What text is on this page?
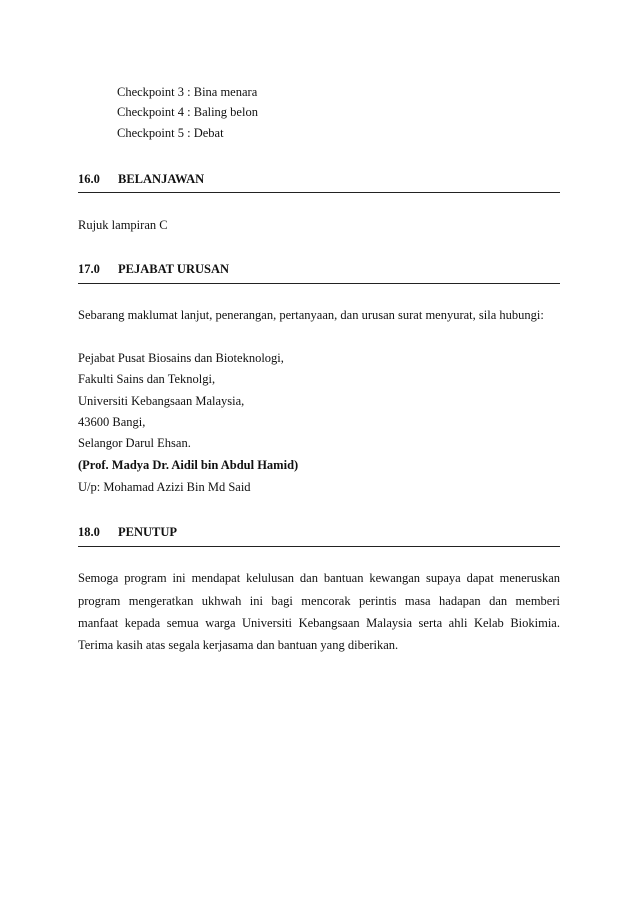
Checkpoint 3 : Bina menara
Checkpoint 4 : Baling belon
Checkpoint 5 : Debat
16.0 BELANJAWAN
Rujuk lampiran C
17.0 PEJABAT URUSAN
Sebarang maklumat lanjut, penerangan, pertanyaan, dan urusan surat menyurat, sila hubungi:
Pejabat Pusat Biosains dan Bioteknologi,
Fakulti Sains dan Teknolgi,
Universiti Kebangsaan Malaysia,
43600 Bangi,
Selangor Darul Ehsan.
(Prof. Madya Dr. Aidil bin Abdul Hamid)
U/p: Mohamad Azizi Bin Md Said
18.0 PENUTUP
Semoga program ini mendapat kelulusan dan bantuan kewangan supaya dapat meneruskan
program mengeratkan ukhwah ini bagi mencorak perintis masa hadapan dan memberi
manfaat kepada semua warga Universiti Kebangsaan Malaysia serta ahli Kelab Biokimia.
Terima kasih atas segala kerjasama dan bantuan yang diberikan.
